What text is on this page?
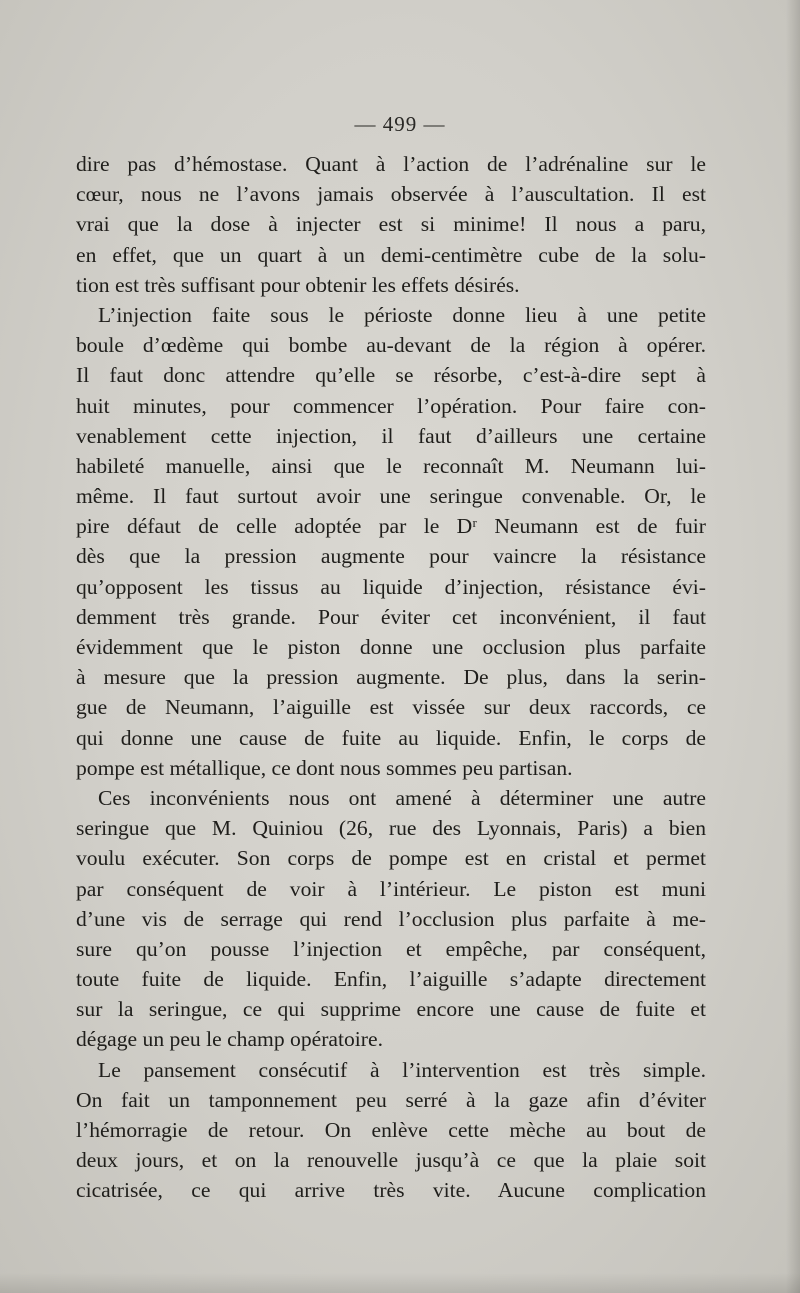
— 499 —
dire pas d’hémostase. Quant à l’action de l’adrénaline sur le
cœur, nous ne l’avons jamais observée à l’auscultation. Il est
vrai que la dose à injecter est si minime! Il nous a paru,
en effet, que un quart à un demi-centimètre cube de la solu-
tion est très suffisant pour obtenir les effets désirés.
L’injection faite sous le périoste donne lieu à une petite
boule d’œdème qui bombe au-devant de la région à opérer.
Il faut donc attendre qu’elle se résorbe, c’est-à-dire sept à
huit minutes, pour commencer l’opération. Pour faire con-
venablement cette injection, il faut d’ailleurs une certaine
habileté manuelle, ainsi que le reconnaît M. Neumann lui-
même. Il faut surtout avoir une seringue convenable. Or, le
pire défaut de celle adoptée par le Dʳ Neumann est de fuir
dès que la pression augmente pour vaincre la résistance
qu’opposent les tissus au liquide d’injection, résistance évi-
demment très grande. Pour éviter cet inconvénient, il faut
évidemment que le piston donne une occlusion plus parfaite
à mesure que la pression augmente. De plus, dans la serin-
gue de Neumann, l’aiguille est vissée sur deux raccords, ce
qui donne une cause de fuite au liquide. Enfin, le corps de
pompe est métallique, ce dont nous sommes peu partisan.
Ces inconvénients nous ont amené à déterminer une autre
seringue que M. Quiniou (26, rue des Lyonnais, Paris) a bien
voulu exécuter. Son corps de pompe est en cristal et permet
par conséquent de voir à l’intérieur. Le piston est muni
d’une vis de serrage qui rend l’occlusion plus parfaite à me-
sure qu’on pousse l’injection et empêche, par conséquent,
toute fuite de liquide. Enfin, l’aiguille s’adapte directement
sur la seringue, ce qui supprime encore une cause de fuite et
dégage un peu le champ opératoire.
Le pansement consécutif à l’intervention est très simple.
On fait un tamponnement peu serré à la gaze afin d’éviter
l’hémorragie de retour. On enlève cette mèche au bout de
deux jours, et on la renouvelle jusqu’à ce que la plaie soit
cicatrisée, ce qui arrive très vite. Aucune complication
